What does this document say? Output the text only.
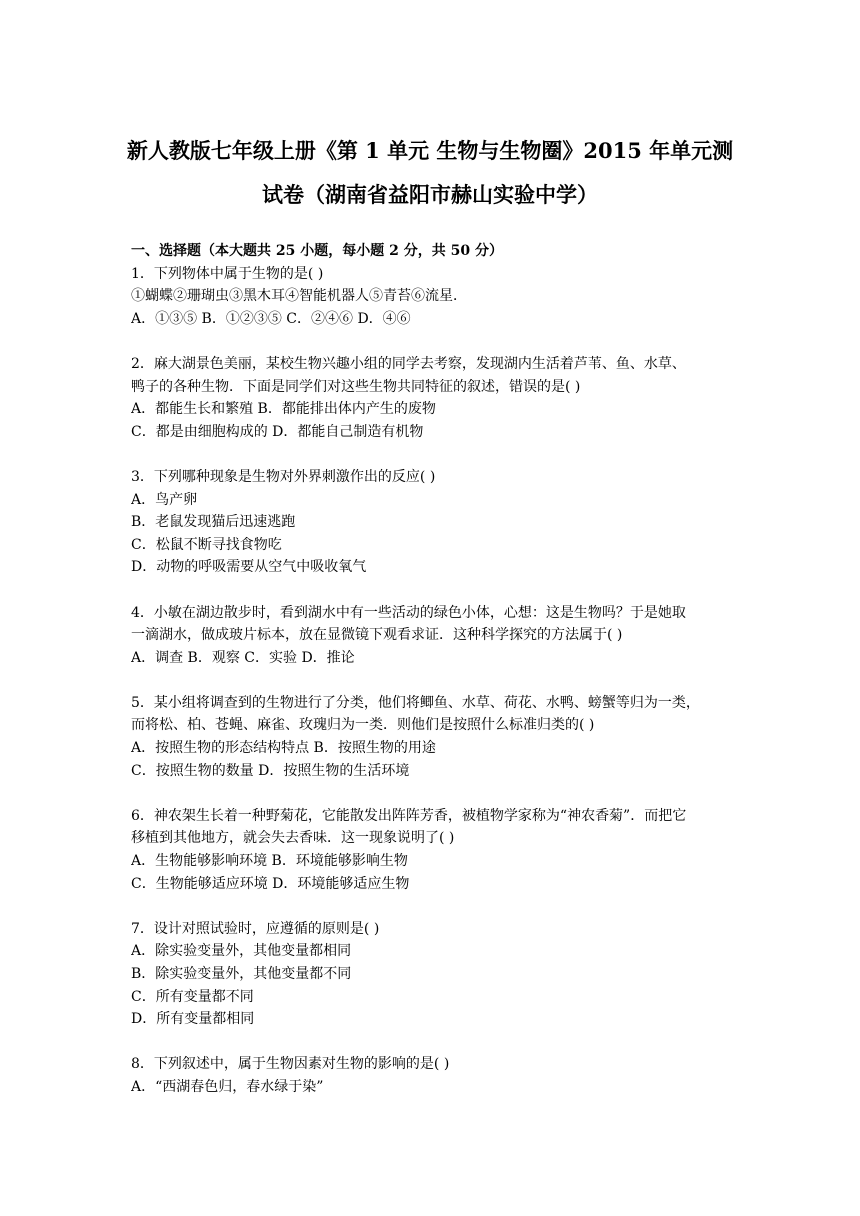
新人教版七年级上册《第 1 单元 生物与生物圈》2015 年单元测
试卷（湖南省益阳市赫山实验中学）
一、选择题（本大题共 25 小题，每小题 2 分，共 50 分）
1．下列物体中属于生物的是( )
①蝴蝶②珊瑚虫③黑木耳④智能机器人⑤青苔⑥流星．
A．①③⑤ B．①②③⑤ C．②④⑥ D．④⑥
2．麻大湖景色美丽，某校生物兴趣小组的同学去考察，发现湖内生活着芦苇、鱼、水草、
鸭子的各种生物．下面是同学们对这些生物共同特征的叙述，错误的是( )
A．都能生长和繁殖 B．都能排出体内产生的废物
C．都是由细胞构成的 D．都能自己制造有机物
3．下列哪种现象是生物对外界刺激作出的反应( )
A．鸟产卵
B．老鼠发现猫后迅速逃跑
C．松鼠不断寻找食物吃
D．动物的呼吸需要从空气中吸收氧气
4．小敏在湖边散步时，看到湖水中有一些活动的绿色小体，心想：这是生物吗？于是她取
一滴湖水，做成玻片标本，放在显微镜下观看求证．这种科学探究的方法属于( )
A．调查 B．观察 C．实验 D．推论
5．某小组将调查到的生物进行了分类，他们将鲫鱼、水草、荷花、水鸭、螃蟹等归为一类，
而将松、柏、苍蝇、麻雀、玫瑰归为一类．则他们是按照什么标准归类的( )
A．按照生物的形态结构特点 B．按照生物的用途
C．按照生物的数量 D．按照生物的生活环境
6．神农架生长着一种野菊花，它能散发出阵阵芳香，被植物学家称为“神农香菊”．而把它
移植到其他地方，就会失去香味．这一现象说明了( )
A．生物能够影响环境 B．环境能够影响生物
C．生物能够适应环境 D．环境能够适应生物
7．设计对照试验时，应遵循的原则是( )
A．除实验变量外，其他变量都相同
B．除实验变量外，其他变量都不同
C．所有变量都不同
D．所有变量都相同
8．下列叙述中，属于生物因素对生物的影响的是( )
A．“西湖春色归，春水绿于染”
